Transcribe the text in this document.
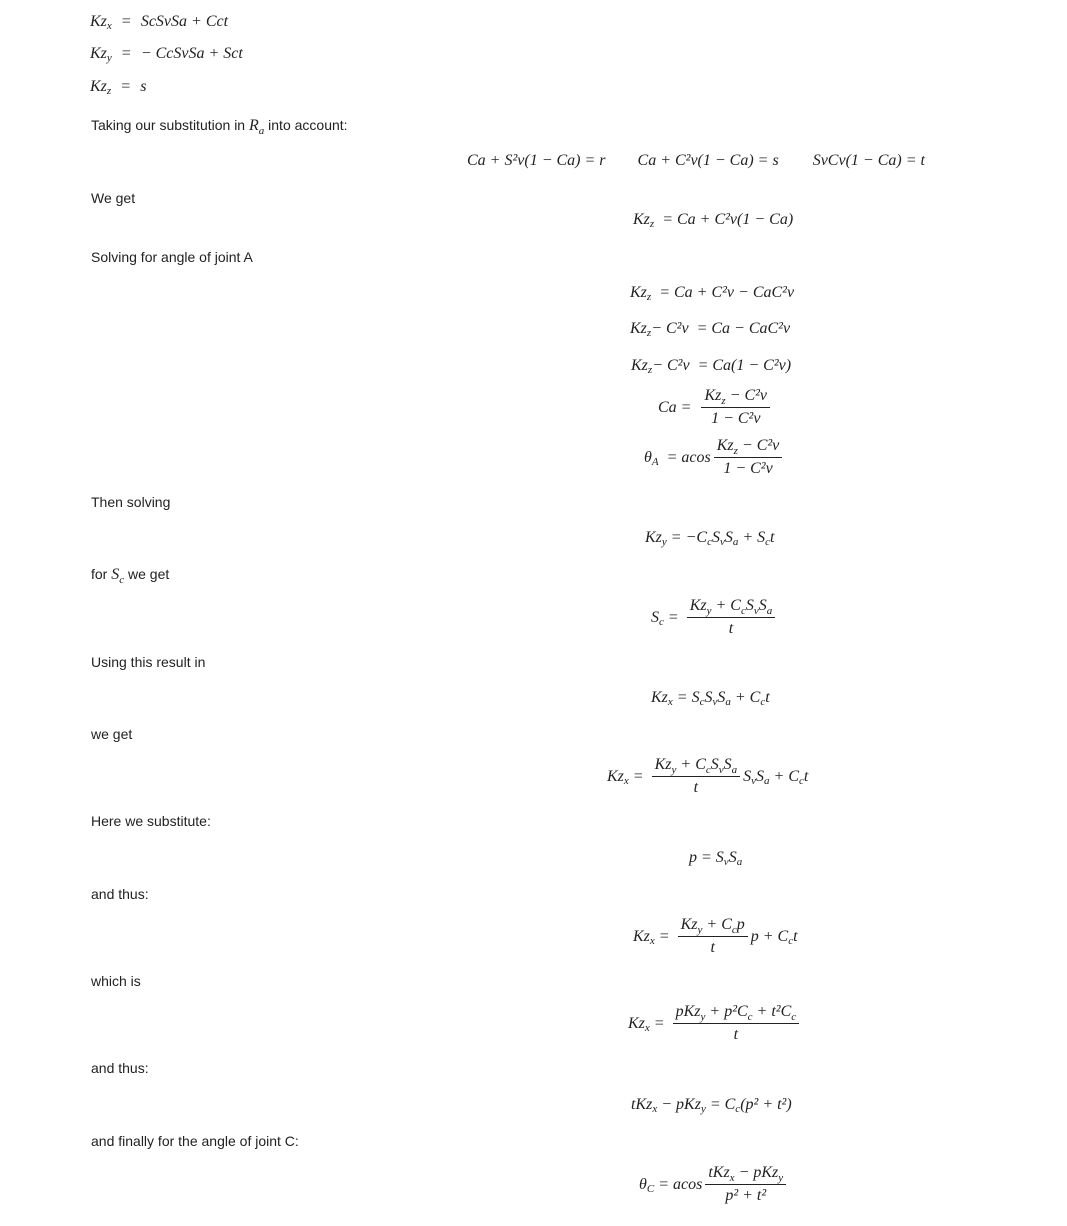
Kz x = ScSvSa + Cct
Kz y = − CcSvSa + Sct
Kz z = s
Taking our substitution in $R_a$ into account:
Ca + S²v(1 − Ca) = r Ca + C²v(1 − Ca) = s SvCv(1 − Ca) = t
We get
Kz z = Ca + C²v(1 − Ca)
Solving for angle of joint A
Kz z = Ca + C²v − CaC²v
Kz z − C²v = Ca − CaC²v
Kz z − C²v = Ca(1 − C²v)
Ca =
$Kz_z - C^2v$
1 − C²v
θ A = acos
$Kz_z - C^2v$
1 − C²v
Then solving
Kz y = −C c S v S a + S c t
for $S_c$ we get
S c =
$Kz_y + C_cS_vS_a$
t
Using this result in
Kz x = S c S v S a + C c t
we get
Kz x =
$Kz_y + C_cS_vS_a$
t
S v S a + C c t
Here we substitute:
p = S v S a
and thus:
Kz x =
$Kz_y + C_cp$
t
p + C c t
which is
Kz x =
$pKz_y + p^2C_c + t^2C_c$
t
and thus:
tKz x − pKz y = C c (p² + t²)
and finally for the angle of joint C:
θ C = acos
tKz$_x$ − pKz$_y$
p² + t²
